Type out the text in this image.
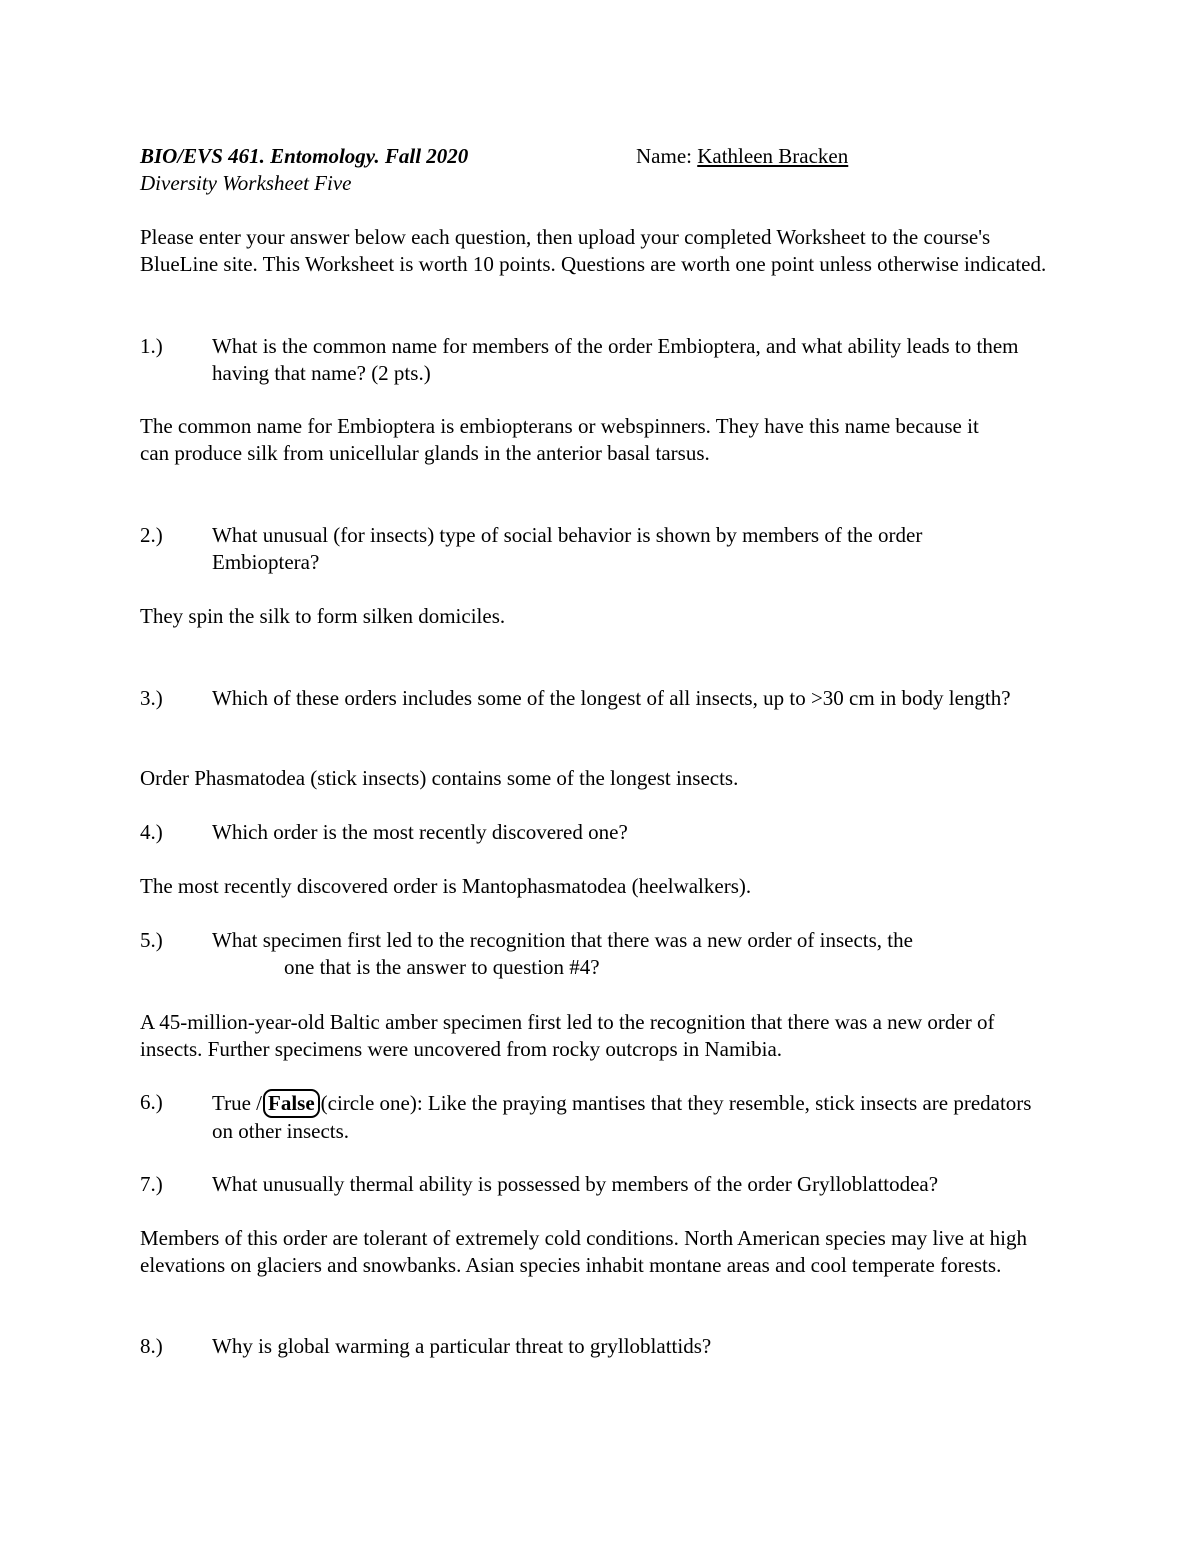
BIO/EVS 461. Entomology. Fall 2020	Name: Kathleen Bracken
Diversity Worksheet Five
Please enter your answer below each question, then upload your completed Worksheet to the course's BlueLine site. This Worksheet is worth 10 points. Questions are worth one point unless otherwise indicated.
1.) What is the common name for members of the order Embioptera, and what ability leads to them having that name? (2 pts.)
The common name for Embioptera is embiopterans or webspinners. They have this name because it can produce silk from unicellular glands in the anterior basal tarsus.
2.) What unusual (for insects) type of social behavior is shown by members of the order Embioptera?
They spin the silk to form silken domiciles.
3.) Which of these orders includes some of the longest of all insects, up to >30 cm in body length?
Order Phasmatodea (stick insects) contains some of the longest insects.
4.) Which order is the most recently discovered one?
The most recently discovered order is Mantophasmatodea (heelwalkers).
5.) What specimen first led to the recognition that there was a new order of insects, the
one that is the answer to question #4?
A 45-million-year-old Baltic amber specimen first led to the recognition that there was a new order of insects. Further specimens were uncovered from rocky outcrops in Namibia.
6.) True / False (circle one): Like the praying mantises that they resemble, stick insects are predators on other insects.
7.) What unusually thermal ability is possessed by members of the order Grylloblattodea?
Members of this order are tolerant of extremely cold conditions. North American species may live at high elevations on glaciers and snowbanks. Asian species inhabit montane areas and cool temperate forests.
8.) Why is global warming a particular threat to grylloblattids?
